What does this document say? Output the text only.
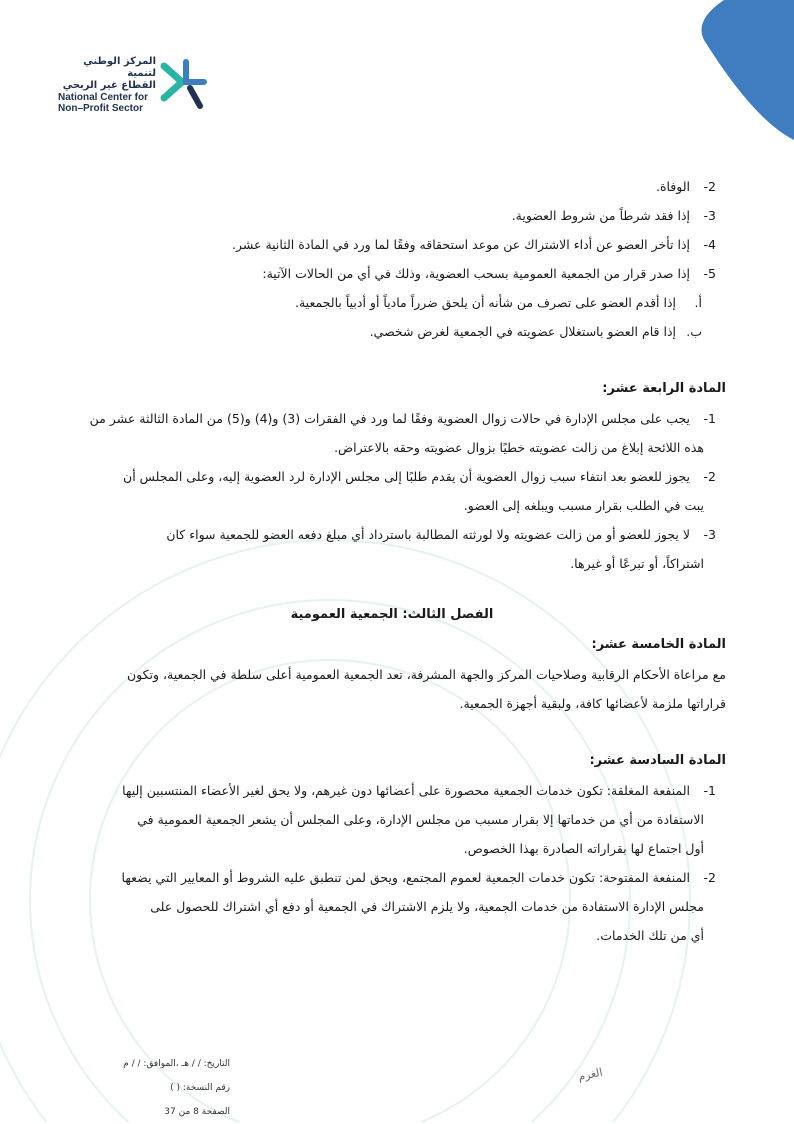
المركز الوطني لتنمية
القطاع غير الربحي
National Center for
Non–Profit Sector
2- الوفاة.
3- إذا فقد شرطاً من شروط العضوية.
4- إذا تأخر العضو عن أداء الاشتراك عن موعد استحقاقه وفقًا لما ورد في المادة الثانية عشر.
5- إذا صدر قرار من الجمعية العمومية بسحب العضوية، وذلك في أي من الحالات الآتية:
أ. إذا أقدم العضو على تصرف من شأنه أن يلحق ضرراً مادياً أو أدبياً بالجمعية.
ب. إذا قام العضو باستغلال عضويته في الجمعية لغرض شخصي.
المادة الرابعة عشر:
1- يجب على مجلس الإدارة في حالات زوال العضوية وفقًا لما ورد في الفقرات (3) و(4) و(5) من المادة الثالثة عشر من
هذه اللائحة إبلاغ من زالت عضويته خطيًا بزوال عضويته وحقه بالاعتراض.
2- يجوز للعضو بعد انتفاء سبب زوال العضوية أن يقدم طلبًا إلى مجلس الإدارة لرد العضوية إليه، وعلى المجلس أن
يبت في الطلب بقرار مسبب ويبلغه إلى العضو.
3- لا يجوز للعضو أو من زالت عضويته ولا لورثته المطالبة باسترداد أي مبلغ دفعه العضو للجمعية سواء كان
اشتراكاً، أو تبرعًا أو غيرها.
الفصل الثالث: الجمعية العمومية
المادة الخامسة عشر:
مع مراعاة الأحكام الرقابية وصلاحيات المركز والجهة المشرفة، تعد الجمعية العمومية أعلى سلطة في الجمعية، وتكون
قراراتها ملزمة لأعضائها كافة، ولبقية أجهزة الجمعية.
المادة السادسة عشر:
1- المنفعة المغلقة: تكون خدمات الجمعية محصورة على أعضائها دون غيرهم، ولا يحق لغير الأعضاء المنتسبين إليها
الاستفادة من أي من خدماتها إلا بقرار مسبب من مجلس الإدارة، وعلى المجلس أن يشعر الجمعية العمومية في
أول اجتماع لها بقراراته الصادرة بهذا الخصوص.
2- المنفعة المفتوحة: تكون خدمات الجمعية لعموم المجتمع، ويحق لمن تنطبق عليه الشروط أو المعايير التي يضعها
مجلس الإدارة الاستفادة من خدمات الجمعية، ولا يلزم الاشتراك في الجمعية أو دفع أي اشتراك للحصول على
أي من تلك الخدمات.
التاريخ: / / هـ ،الموافق: / / م
رقم النسخة: ( )
الصفحة 8 من 37
الغرم
